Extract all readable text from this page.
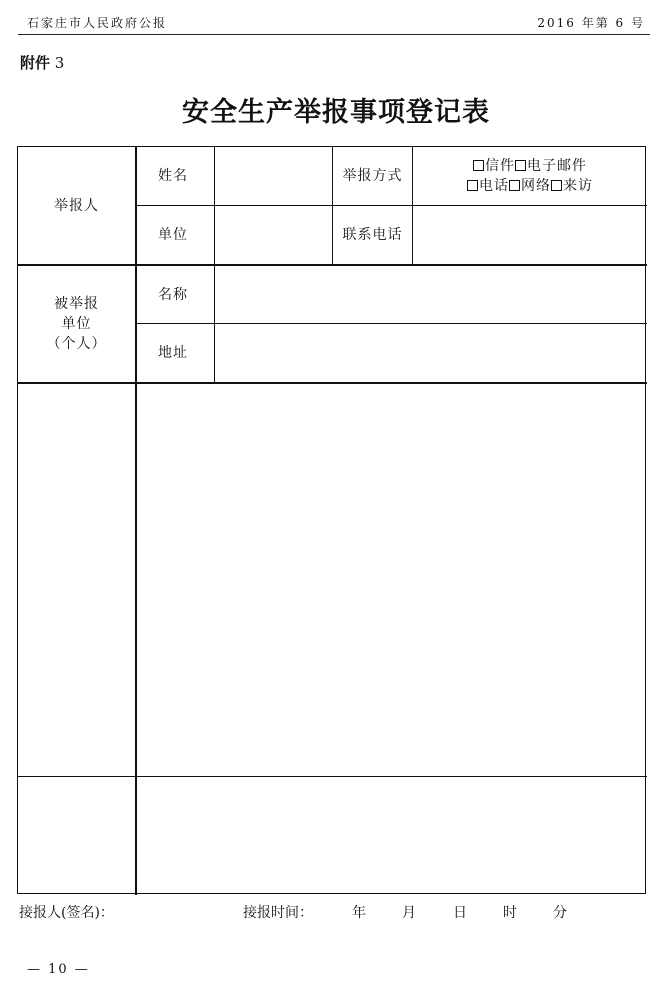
石家庄市人民政府公报	2016 年第 6 号
附件 3
安全生产举报事项登记表
举报人
姓名	举报方式
信件 电子邮件
电话 网络 来访
单位	联系电话
被举报
单位
（个人）
名称
地址
接报人(签名)：	接报时间：	年	月	日	时	分
— 10 —
